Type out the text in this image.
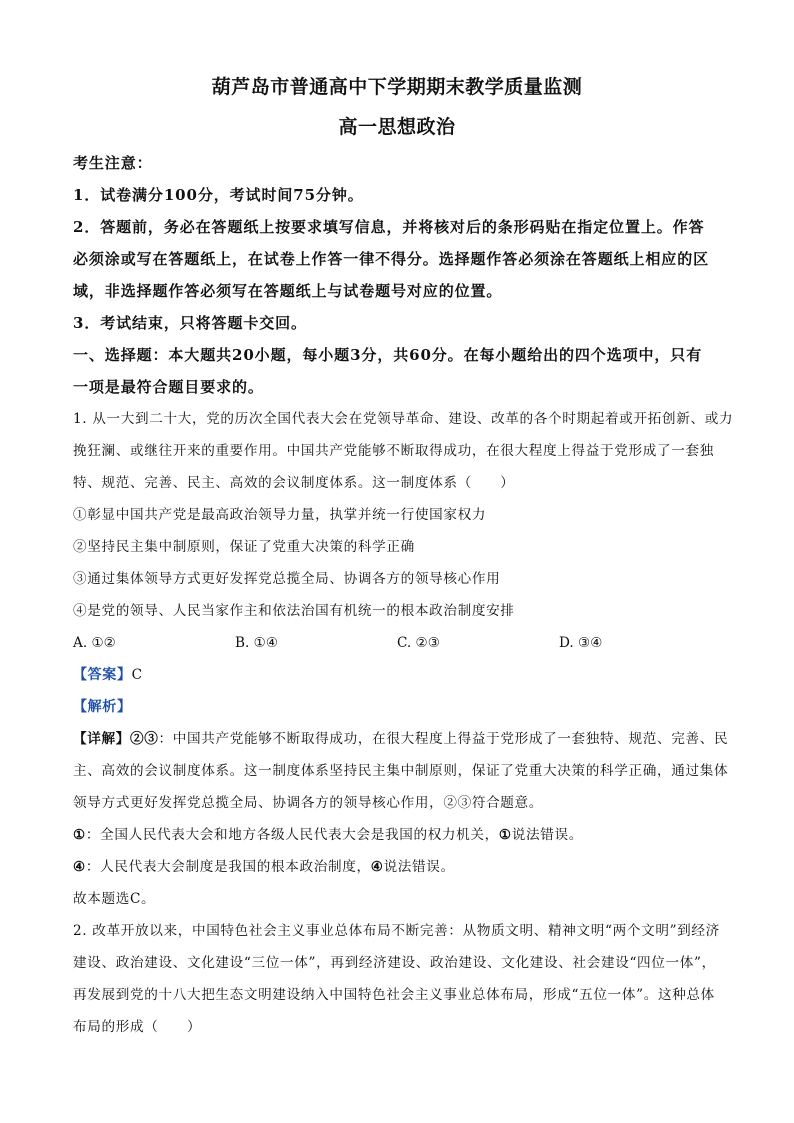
葫芦岛市普通高中下学期期末教学质量监测
高一思想政治

考生注意：

1．试卷满分100分，考试时间75分钟。

2．答题前，务必在答题纸上按要求填写信息，并将核对后的条形码贴在指定位置上。作答

必须涂或写在答题纸上，在试卷上作答一律不得分。选择题作答必须涂在答题纸上相应的区

域，非选择题作答必须写在答题纸上与试卷题号对应的位置。

3．考试结束，只将答题卡交回。

一、选择题：本大题共20小题，每小题3分，共60分。在每小题给出的四个选项中，只有

一项是最符合题目要求的。

1. 从一大到二十大，党的历次全国代表大会在党领导革命、建设、改革的各个时期起着或开拓创新、或力

挽狂澜、或继往开来的重要作用。中国共产党能够不断取得成功，在很大程度上得益于党形成了一套独

特、规范、完善、民主、高效的会议制度体系。这一制度体系（　　）

①彰显中国共产党是最高政治领导力量，执掌并统一行使国家权力

②坚持民主集中制原则，保证了党重大决策的科学正确

③通过集体领导方式更好发挥党总揽全局、协调各方的领导核心作用

④是党的领导、人民当家作主和依法治国有机统一的根本政治制度安排

A. ①②	B. ①④	C. ②③	D. ③④

【答案】C

【解析】

【详解】②③：中国共产党能够不断取得成功，在很大程度上得益于党形成了一套独特、规范、完善、民

主、高效的会议制度体系。这一制度体系坚持民主集中制原则，保证了党重大决策的科学正确，通过集体

领导方式更好发挥党总揽全局、协调各方的领导核心作用，②③符合题意。

①：全国人民代表大会和地方各级人民代表大会是我国的权力机关，①说法错误。

④：人民代表大会制度是我国的根本政治制度，④说法错误。

故本题选C。

2. 改革开放以来，中国特色社会主义事业总体布局不断完善：从物质文明、精神文明“两个文明”到经济

建设、政治建设、文化建设“三位一体”，再到经济建设、政治建设、文化建设、社会建设“四位一体”，

再发展到党的十八大把生态文明建设纳入中国特色社会主义事业总体布局，形成“五位一体”。这种总体

布局的形成（　　）
